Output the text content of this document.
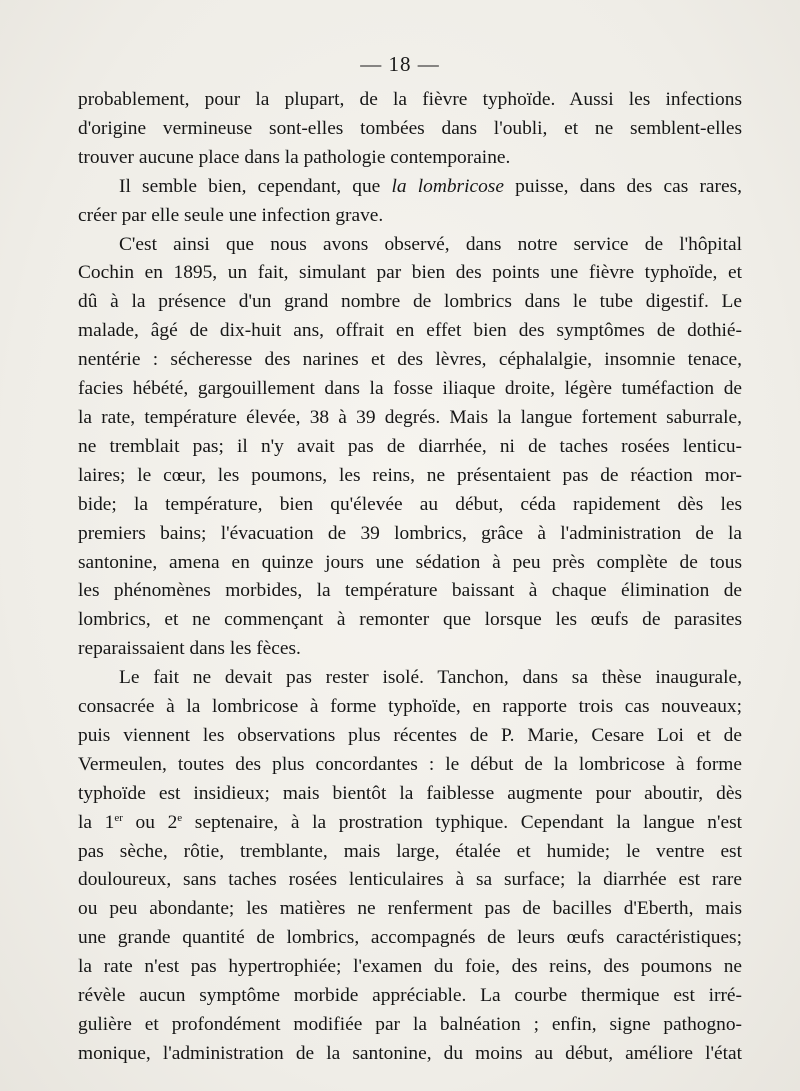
— 18 —

probablement, pour la plupart, de la fièvre typhoïde. Aussi les infections
d'origine vermineuse sont-elles tombées dans l'oubli, et ne semblent-elles
trouver aucune place dans la pathologie contemporaine.

Il semble bien, cependant, que la lombricose puisse, dans des cas rares,
créer par elle seule une infection grave.

C'est ainsi que nous avons observé, dans notre service de l'hôpital
Cochin en 1895, un fait, simulant par bien des points une fièvre typhoïde, et
dû à la présence d'un grand nombre de lombrics dans le tube digestif. Le
malade, âgé de dix-huit ans, offrait en effet bien des symptômes de dothié-
nentérie : sécheresse des narines et des lèvres, céphalalgie, insomnie tenace,
facies hébété, gargouillement dans la fosse iliaque droite, légère tuméfaction de
la rate, température élevée, 38 à 39 degrés. Mais la langue fortement saburrale,
ne tremblait pas; il n'y avait pas de diarrhée, ni de taches rosées lenticu-
laires; le cœur, les poumons, les reins, ne présentaient pas de réaction mor-
bide; la température, bien qu'élevée au début, céda rapidement dès les
premiers bains; l'évacuation de 39 lombrics, grâce à l'administration de la
santonine, amena en quinze jours une sédation à peu près complète de tous
les phénomènes morbides, la température baissant à chaque élimination de
lombrics, et ne commençant à remonter que lorsque les œufs de parasites
reparaissaient dans les fèces.

Le fait ne devait pas rester isolé. Tanchon, dans sa thèse inaugurale,
consacrée à la lombricose à forme typhoïde, en rapporte trois cas nouveaux;
puis viennent les observations plus récentes de P. Marie, Cesare Loi et de
Vermeulen, toutes des plus concordantes : le début de la lombricose à forme
typhoïde est insidieux; mais bientôt la faiblesse augmente pour aboutir, dès
la 1er ou 2e septenaire, à la prostration typhique. Cependant la langue n'est
pas sèche, rôtie, tremblante, mais large, étalée et humide; le ventre est
douloureux, sans taches rosées lenticulaires à sa surface; la diarrhée est rare
ou peu abondante; les matières ne renferment pas de bacilles d'Eberth, mais
une grande quantité de lombrics, accompagnés de leurs œufs caractéristiques;
la rate n'est pas hypertrophiée; l'examen du foie, des reins, des poumons ne
révèle aucun symptôme morbide appréciable. La courbe thermique est irré-
gulière et profondément modifiée par la balnéation ; enfin, signe pathogno-
monique, l'administration de la santonine, du moins au début, améliore l'état
